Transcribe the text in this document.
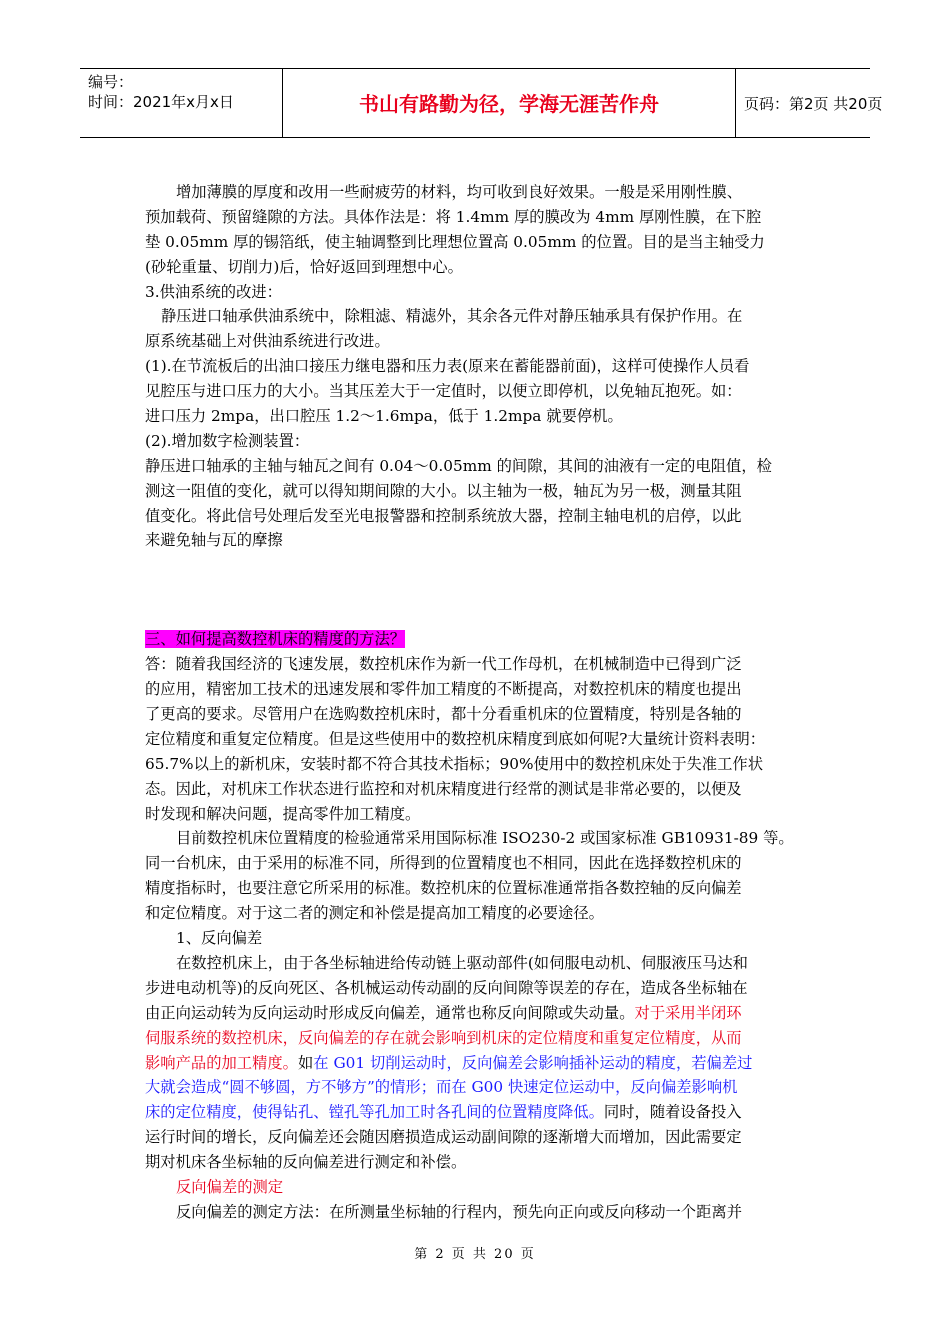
编号：
时间：2021年x月x日	书山有路勤为径，学海无涯苦作舟	页码：第2页 共20页
增加薄膜的厚度和改用一些耐疲劳的材料，均可收到良好效果。一般是采用刚性膜、
预加载荷、预留缝隙的方法。具体作法是：将 1.4mm 厚的膜改为 4mm 厚刚性膜，在下腔
垫 0.05mm 厚的锡箔纸，使主轴调整到比理想位置高 0.05mm 的位置。目的是当主轴受力
(砂轮重量、切削力)后，恰好返回到理想中心。
3.供油系统的改进：
静压进口轴承供油系统中，除粗滤、精滤外，其余各元件对静压轴承具有保护作用。在
原系统基础上对供油系统进行改进。
(1).在节流板后的出油口接压力继电器和压力表(原来在蓄能器前面)，这样可使操作人员看
见腔压与进口压力的大小。当其压差大于一定值时，以便立即停机，以免轴瓦抱死。如：
进口压力 2mpa，出口腔压 1.2～1.6mpa，低于 1.2mpa 就要停机。
(2).增加数字检测装置：
静压进口轴承的主轴与轴瓦之间有 0.04～0.05mm 的间隙，其间的油液有一定的电阻值，检
测这一阻值的变化，就可以得知期间隙的大小。以主轴为一极，轴瓦为另一极，测量其阻
值变化。将此信号处理后发至光电报警器和控制系统放大器，控制主轴电机的启停，以此
来避免轴与瓦的摩擦
三、如何提高数控机床的精度的方法？
答：随着我国经济的飞速发展，数控机床作为新一代工作母机，在机械制造中已得到广泛
的应用，精密加工技术的迅速发展和零件加工精度的不断提高，对数控机床的精度也提出
了更高的要求。尽管用户在选购数控机床时，都十分看重机床的位置精度，特别是各轴的
定位精度和重复定位精度。但是这些使用中的数控机床精度到底如何呢?大量统计资料表明：
65.7%以上的新机床，安装时都不符合其技术指标；90%使用中的数控机床处于失准工作状
态。因此，对机床工作状态进行监控和对机床精度进行经常的测试是非常必要的，以便及
时发现和解决问题，提高零件加工精度。
目前数控机床位置精度的检验通常采用国际标准 ISO230-2 或国家标准 GB10931-89 等。
同一台机床，由于采用的标准不同，所得到的位置精度也不相同，因此在选择数控机床的
精度指标时，也要注意它所采用的标准。数控机床的位置标准通常指各数控轴的反向偏差
和定位精度。对于这二者的测定和补偿是提高加工精度的必要途径。
1、反向偏差
在数控机床上，由于各坐标轴进给传动链上驱动部件(如伺服电动机、伺服液压马达和
步进电动机等)的反向死区、各机械运动传动副的反向间隙等误差的存在，造成各坐标轴在
由正向运动转为反向运动时形成反向偏差，通常也称反向间隙或失动量。对于采用半闭环
伺服系统的数控机床，反向偏差的存在就会影响到机床的定位精度和重复定位精度，从而
影响产品的加工精度。如在 G01 切削运动时，反向偏差会影响插补运动的精度，若偏差过
大就会造成“圆不够圆，方不够方”的情形；而在 G00 快速定位运动中，反向偏差影响机
床的定位精度，使得钻孔、镗孔等孔加工时各孔间的位置精度降低。同时，随着设备投入
运行时间的增长，反向偏差还会随因磨损造成运动副间隙的逐渐增大而增加，因此需要定
期对机床各坐标轴的反向偏差进行测定和补偿。
反向偏差的测定
反向偏差的测定方法：在所测量坐标轴的行程内，预先向正向或反向移动一个距离并
第 2 页 共 20 页
